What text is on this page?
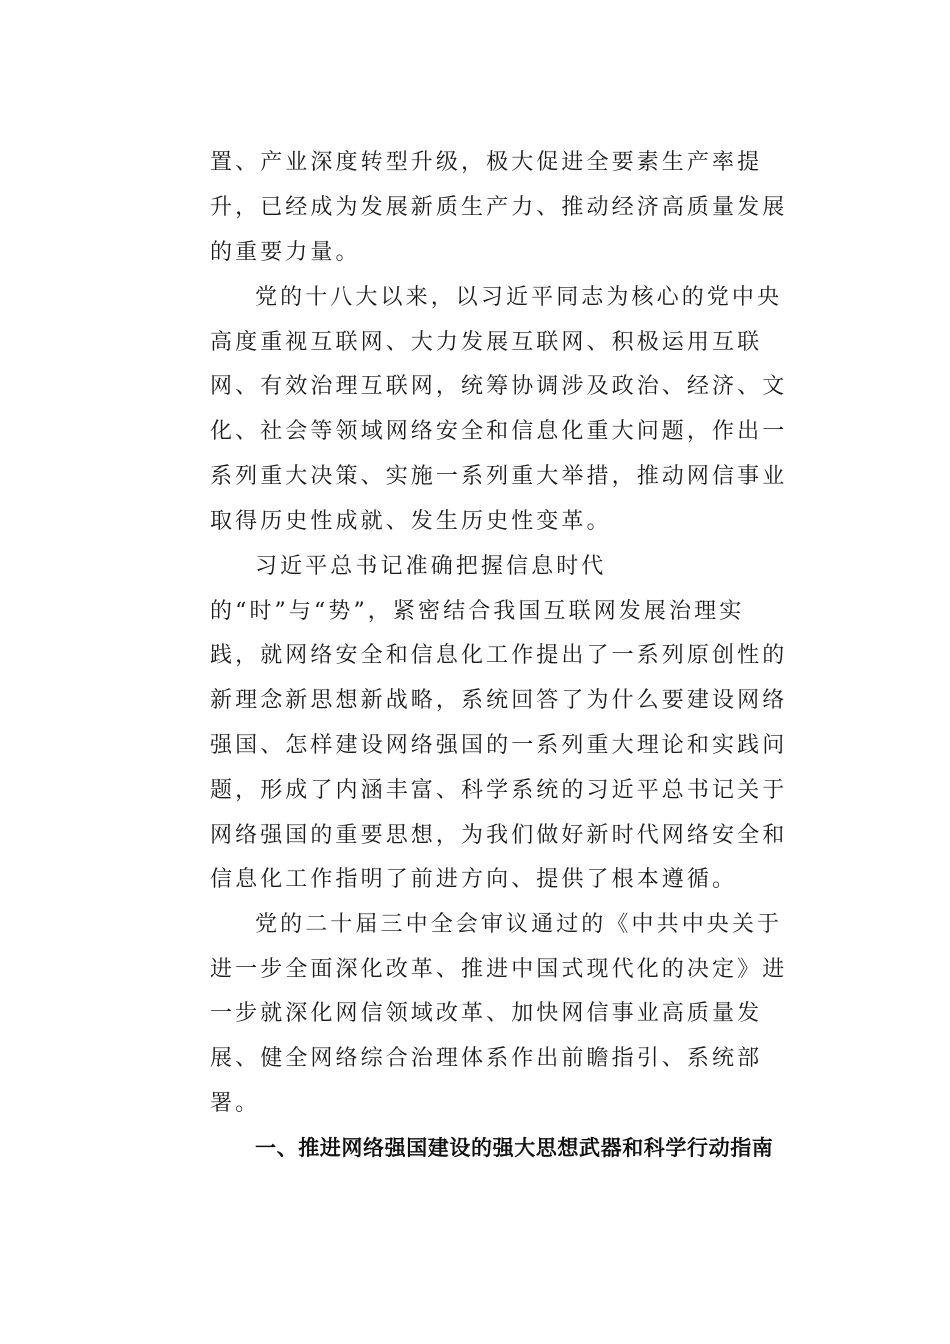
置、产业深度转型升级，极大促进全要素生产率提
升，已经成为发展新质生产力、推动经济高质量发展
的重要力量。
党的十八大以来，以习近平同志为核心的党中央
高度重视互联网、大力发展互联网、积极运用互联
网、有效治理互联网，统筹协调涉及政治、经济、文
化、社会等领域网络安全和信息化重大问题，作出一
系列重大决策、实施一系列重大举措，推动网信事业
取得历史性成就、发生历史性变革。
习近平总书记准确把握信息时代
的“时”与“势”，紧密结合我国互联网发展治理实
践，就网络安全和信息化工作提出了一系列原创性的
新理念新思想新战略，系统回答了为什么要建设网络
强国、怎样建设网络强国的一系列重大理论和实践问
题，形成了内涵丰富、科学系统的习近平总书记关于
网络强国的重要思想，为我们做好新时代网络安全和
信息化工作指明了前进方向、提供了根本遵循。
党的二十届三中全会审议通过的《中共中央关于
进一步全面深化改革、推进中国式现代化的决定》进
一步就深化网信领域改革、加快网信事业高质量发
展、健全网络综合治理体系作出前瞻指引、系统部
署。
一、推进网络强国建设的强大思想武器和科学行动指南
